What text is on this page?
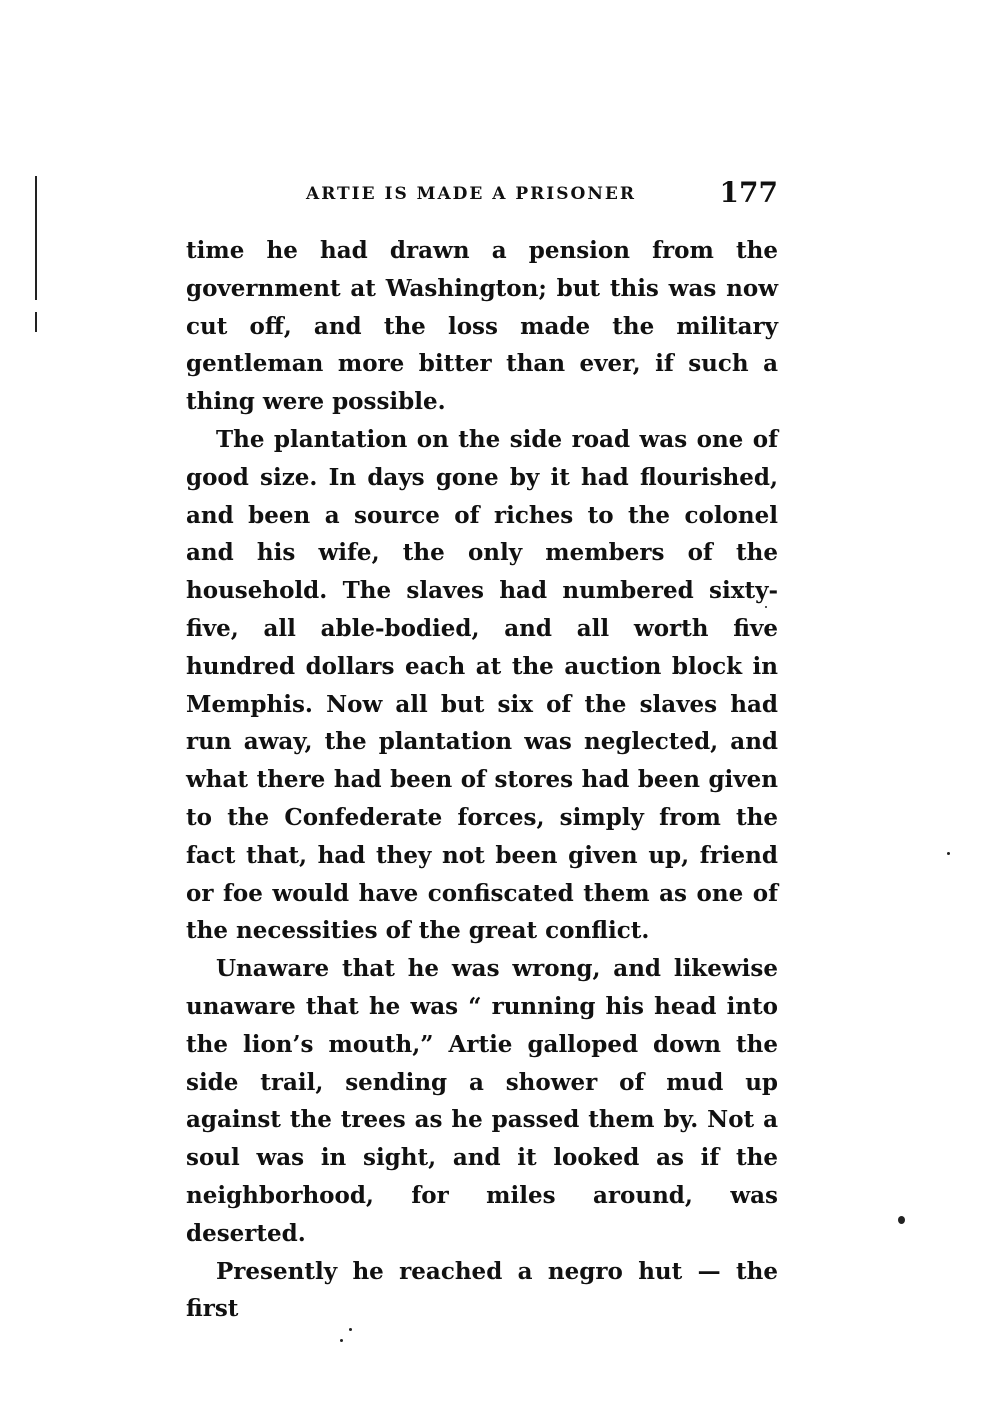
ARTIE IS MADE A PRISONER	177

time he had drawn a pension from the government at Washington; but this was now cut off, and the loss made the military gentleman more bitter than ever, if such a thing were possible.

The plantation on the side road was one of good size. In days gone by it had flourished, and been a source of riches to the colonel and his wife, the only members of the household. The slaves had numbered sixty-five, all able-bodied, and all worth five hundred dollars each at the auction block in Memphis. Now all but six of the slaves had run away, the plantation was neglected, and what there had been of stores had been given to the Confederate forces, simply from the fact that, had they not been given up, friend or foe would have confiscated them as one of the necessities of the great conflict.

Unaware that he was wrong, and likewise unaware that he was “ running his head into the lion’s mouth,” Artie galloped down the side trail, sending a shower of mud up against the trees as he passed them by. Not a soul was in sight, and it looked as if the neighborhood, for miles around, was deserted.

Presently he reached a negro hut — the first
